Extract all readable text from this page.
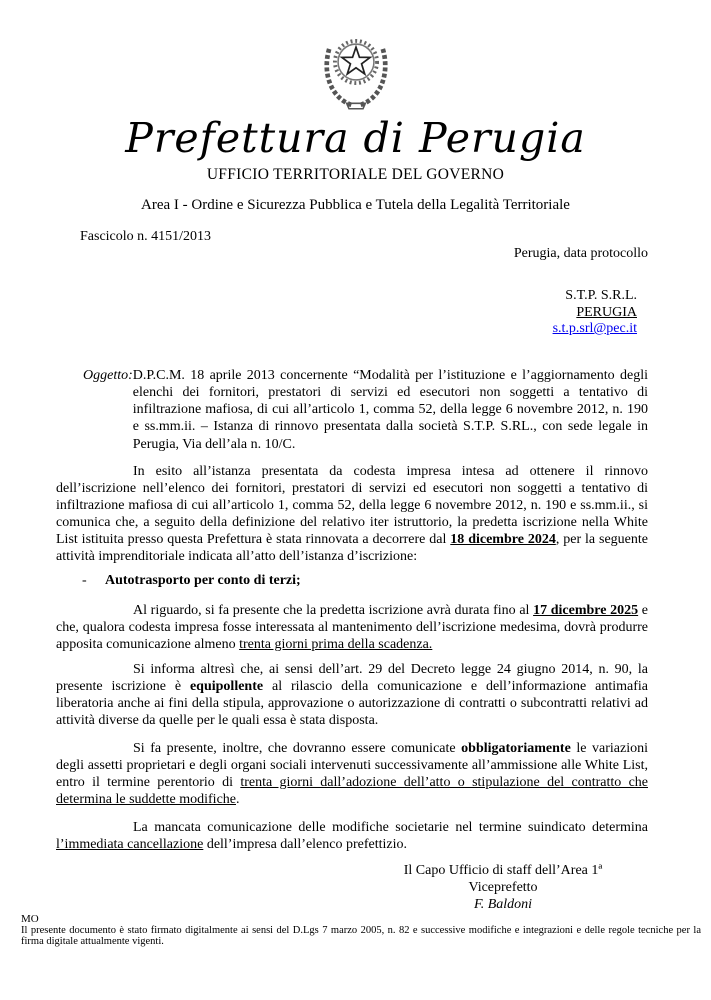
Prefettura di Perugia
UFFICIO TERRITORIALE DEL GOVERNO
Area I - Ordine e Sicurezza Pubblica e Tutela della Legalità Territoriale
Fascicolo n. 4151/2013
Perugia, data protocollo
S.T.P. S.R.L.
PERUGIA
s.t.p.srl@pec.it
Oggetto: D.P.C.M. 18 aprile 2013 concernente “Modalità per l’istituzione e l’aggiornamento degli elenchi dei fornitori, prestatori di servizi ed esecutori non soggetti a tentativo di infiltrazione mafiosa, di cui all’articolo 1, comma 52, della legge 6 novembre 2012, n. 190 e ss.mm.ii. – Istanza di rinnovo presentata dalla società S.T.P. S.RL., con sede legale in Perugia, Via dell’ala n. 10/C.

In esito all’istanza presentata da codesta impresa intesa ad ottenere il rinnovo dell’iscrizione nell’elenco dei fornitori, prestatori di servizi ed esecutori non soggetti a tentativo di infiltrazione mafiosa di cui all’articolo 1, comma 52, della legge 6 novembre 2012, n. 190 e ss.mm.ii., si comunica che, a seguito della definizione del relativo iter istruttorio, la predetta iscrizione nella White List istituita presso questa Prefettura è stata rinnovata a decorrere dal 18 dicembre 2024, per la seguente attività imprenditoriale indicata all’atto dell’istanza d’iscrizione:

-	Autotrasporto per conto di terzi;

Al riguardo, si fa presente che la predetta iscrizione avrà durata fino al 17 dicembre 2025 e che, qualora codesta impresa fosse interessata al mantenimento dell’iscrizione medesima, dovrà produrre apposita comunicazione almeno trenta giorni prima della scadenza.

Si informa altresì che, ai sensi dell’art. 29 del Decreto legge 24 giugno 2014, n. 90, la presente iscrizione è equipollente al rilascio della comunicazione e dell’informazione antimafia liberatoria anche ai fini della stipula, approvazione o autorizzazione di contratti o subcontratti relativi ad attività diverse da quelle per le quali essa è stata disposta.

Si fa presente, inoltre, che dovranno essere comunicate obbligatoriamente le variazioni degli assetti proprietari e degli organi sociali intervenuti successivamente all’ammissione alle White List, entro il termine perentorio di trenta giorni dall’adozione dell’atto o stipulazione del contratto che determina le suddette modifiche.

La mancata comunicazione delle modifiche societarie nel termine suindicato determina l’immediata cancellazione dell’impresa dall’elenco prefettizio.

Il Capo Ufficio di staff dell’Area 1ª
Viceprefetto
F. Baldoni
MO
Il presente documento è stato firmato digitalmente ai sensi del D.Lgs 7 marzo 2005, n. 82 e successive modifiche e integrazioni e delle regole tecniche per la firma digitale attualmente vigenti.
